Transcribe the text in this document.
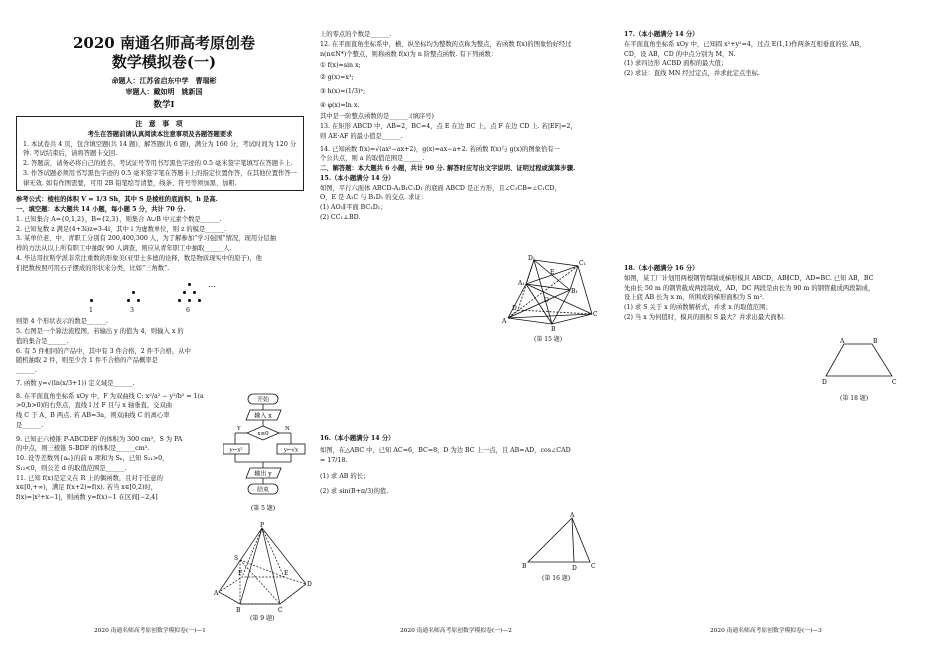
2020 南通名师高考原创卷
数学模拟卷(一)
命题人：江苏省启东中学　曹瑞彬
审题人：戴如明　姚新国
数学Ⅰ
注 意 事 项
考生在答题前请认真阅读本注意事项及各题答题要求

1. 本试卷共 4 页，包含填空题(共 14 题)、解答题(共 6 题)，满分为 160 分，考试时间为 120 分钟. 考试结束后，请将答题卡交回.

2. 答题前，请务必将自己的姓名、考试证号等用书写黑色字迹的 0.5 毫米签字笔填写在答题卡上.

3. 作答试题必须用书写黑色字迹的 0.5 毫米签字笔在答题卡上的指定位置作答，在其他位置作答一律无效. 如有作图需要，可用 2B 铅笔绘写清楚，线条、符号等须加黑、加粗.

参考公式：棱柱的体积 V = 1/3 Sh，其中 S 是棱柱的底面积，h 是高.

一、填空题：本大题共 14 小题，每小题 5 分，共计 70 分.

1. 已知集合 A={0,1,2}，B={2,3}，则集合 A∪B 中元素个数是______.

2. 已知复数 z 满足(4+3i)z=3-4i，其中 i 为虚数单位，则 z 的模是______.

3. 某单位老、中、青职工分别有 200,400,300 人，为了解参加“学习强国”情况，现用分层抽

样的方法从以上所有职工中抽取 90 人调查，则应从青年职工中抽取______人.

4. 毕达哥拉斯学派非常注重数的形象美(亚里士多德的诠释，数是物质现实中的原子)，他

们把数按照可用石子摆成的形状来分类，比如“三角数”.

…
1	3	6

则第 4 个形状表示的数是______.

5. 右图是一个算法流程图，若输出 y 的值为 4，则输入 x 的

值的集合是______.

6. 有 5 件相同的产品中，其中有 3 件合格，2 件不合格，从中

随机抽取 2 件，则至少含 1 件不合格的产品概率是

______.

7. 函数 y=√(ln(x/3+1)) 定义域是______.

8. 在平面直角坐标系 xOy 中，F 为双曲线 C: x²/a² − y²/b² = 1(a

>0,b>0)的右焦点，直线 l 过 F 且与 x 轴垂直，交双曲

线 C 于 A、B 两点. 若 AB=3a，则双曲线 C 的离心率

是______.

9. 已知正六棱锥 P-ABCDEF 的体积为 300 cm³，S 为 PA

的中点，则三棱锥 S-BDF 的体积是______cm³.

10. 设等差数列{aₙ}的前 n 项和为 Sₙ，已知 S₁₁>0，

S₁₂<0，则公差 d 的取值范围是______.

11. 已知 f(x)是定义在 R 上的偶函数，且对于任意的

x∈[0,+∞)，满足 f(x+2)=f(x). 若当 x∈[0,2)时，

f(x)=|x²+x−1|，则函数 y=f(x)−1 在区间[−2,4]

开始
输入 x
x≤0
Y	N
y←x²	y←√x
输出 y
结束
(第 5 题)
P
A
B	C
D
E
F
S
(第 9 题)
2020 南通名师高考原创数学模拟卷(一)—1

上的零点的个数是______.

12. 在平面直角坐标系中，横、纵坐标均为整数的点称为整点，若函数 f(x)的图象恰好经过

n(n∈N*)个整点，则称函数 f(x)为 n 阶整点函数. 有下列函数：

① f(x)=sin x;

② g(x)=x³;

③ h(x)=(1/3)ˣ;

④ φ(x)=ln x.

其中是一阶整点函数的是______.(填序号)

13. 在矩形 ABCD 中，AB=2，BC=4，点 E 在边 BC 上，点 F 在边 CD 上. 若|EF|=2，

则 AE·AF 的最小值是______.

14. 已知函数 f(x)=√(ax²−ax+2)，g(x)=ax−a+2. 若函数 f(x)与 g(x)的图象恰有一

个公共点，则 a 的取值范围是______.

二、解答题：本大题共 6 小题，共计 90 分. 解答时应写出文字说明、证明过程或演算步骤.

15.（本小题满分 14 分）

如图，平行六面体 ABCD-A₁B₁C₁D₁ 的底面 ABCD 是正方形，且∠C₁CB=∠C₁CD，

O，E 是 A₁C 与 B₁D₁ 的交点. 求证：

(1) AO₁∥平面 BC₁D₁；

(2) CC₁⊥BD.

D₁
C₁
A₁
B₁
D
C
A
B
E
O
(第 15 题)

16.（本小题满分 14 分）

如图，在△ABC 中，已知 AC=6，BC=8，D 为边 BC 上一点，且 AB=AD，cos∠CAD

= 17/18.

(1) 求 AB 的长；

(2) 求 sin(B+π/3)的值.

A
B	D C
(第 16 题)
2020 南通名师高考原创数学模拟卷(一)—2

17.（本小题满分 14 分）

在平面直角坐标系 xOy 中，已知圆 x²+y²=4，过点 E(1,1)作两条互相垂直的弦 AB，

CD，设 AB，CD 的中点分别为 M，N.

(1) 求四边形 ACBD 面积的最大值；

(2) 求证：直线 MN 经过定点，并求此定点坐标.

18.（本小题满分 16 分）

如图，某工厂计划用两根钢管焊制成梯形模具 ABCD，AB∥CD，AD=BC. 已知 AB，BC

先由长 50 m 的钢管截成两段制成，AD，DC 两段是由长为 90 m 的钢管截成两段制成，

设上底 AB 长为 x m，所围成的梯形面积为 S m².

(1) 求 S 关于 x 的函数解析式，并求 x 的取值范围；

(2) 当 x 为何值时，模具的面积 S 最大？并求出最大面积.

A	B
D	C
(第 18 题)
2020 南通名师高考原创数学模拟卷(一)—3
